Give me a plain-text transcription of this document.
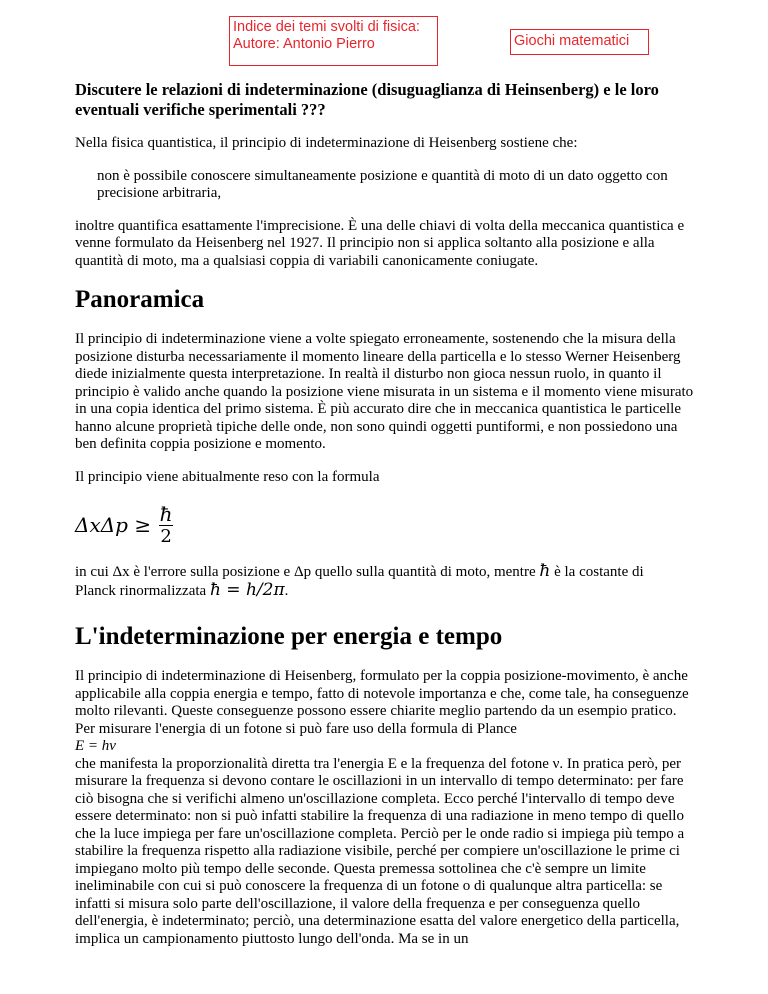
Indice dei temi svolti di fisica:
Autore: Antonio Pierro	Giochi matematici
Discutere le relazioni di indeterminazione (disuguaglianza di Heinsenberg) e le loro eventuali verifiche sperimentali ???

Nella fisica quantistica, il principio di indeterminazione di Heisenberg sostiene che:

non è possibile conoscere simultaneamente posizione e quantità di moto di un dato oggetto con precisione arbitraria,

inoltre quantifica esattamente l'imprecisione. È una delle chiavi di volta della meccanica quantistica e venne formulato da Heisenberg nel 1927. Il principio non si applica soltanto alla posizione e alla quantità di moto, ma a qualsiasi coppia di variabili canonicamente coniugate.

Panoramica

Il principio di indeterminazione viene a volte spiegato erroneamente, sostenendo che la misura della posizione disturba necessariamente il momento lineare della particella e lo stesso Werner Heisenberg diede inizialmente questa interpretazione. In realtà il disturbo non gioca nessun ruolo, in quanto il principio è valido anche quando la posizione viene misurata in un sistema e il momento viene misurato in una copia identica del primo sistema. È più accurato dire che in meccanica quantistica le particelle hanno alcune proprietà tipiche delle onde, non sono quindi oggetti puntiformi, e non possiedono una ben definita coppia posizione e momento.

Il principio viene abitualmente reso con la formula

$\Delta x\Delta p \ge \frac{ħ}{2}$

in cui Δx è l'errore sulla posizione e Δp quello sulla quantità di moto, mentre ħ è la costante di
Planck rinormalizzata ħ = h/2π.

L'indeterminazione per energia e tempo

Il principio di indeterminazione di Heisenberg, formulato per la coppia posizione-movimento, è anche applicabile alla coppia energia e tempo, fatto di notevole importanza e che, come tale, ha conseguenze molto rilevanti. Queste conseguenze possono essere chiarite meglio partendo da un esempio pratico. Per misurare l'energia di un fotone si può fare uso della formula di Plance
E = hν
che manifesta la proporzionalità diretta tra l'energia E e la frequenza del fotone ν. In pratica però, per misurare la frequenza si devono contare le oscillazioni in un intervallo di tempo determinato: per fare ciò bisogna che si verifichi almeno un'oscillazione completa. Ecco perché l'intervallo di tempo deve essere determinato: non si può infatti stabilire la frequenza di una radiazione in meno tempo di quello che la luce impiega per fare un'oscillazione completa. Perciò per le onde radio si impiega più tempo a stabilire la frequenza rispetto alla radiazione visibile, perché per compiere un'oscillazione le prime ci impiegano molto più tempo delle seconde. Questa premessa sottolinea che c'è sempre un limite ineliminabile con cui si può conoscere la frequenza di un fotone o di qualunque altra particella: se infatti si misura solo parte dell'oscillazione, il valore della frequenza e per conseguenza quello dell'energia, è indeterminato; perciò, una determinazione esatta del valore energetico della particella, implica un campionamento piuttosto lungo dell'onda. Ma se in un
